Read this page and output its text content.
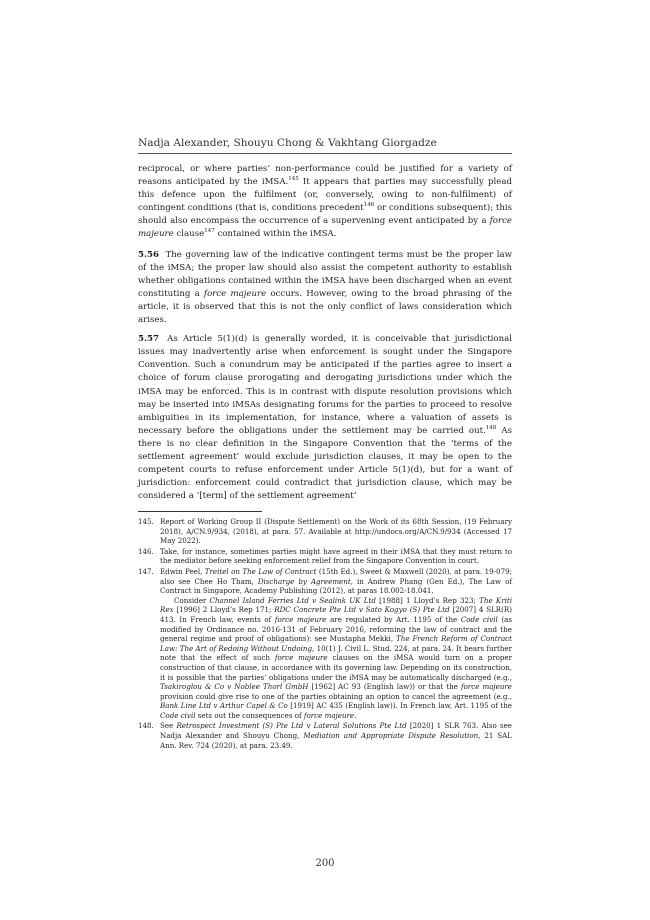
Nadja Alexander, Shouyu Chong & Vakhtang Giorgadze

reciprocal, or where parties’ non-performance could be justified for a variety of reasons anticipated by the iMSA.$^{145}$ It appears that parties may successfully plead this defence upon the fulfilment (or, conversely, owing to non-fulfilment) of contingent conditions (that is, conditions precedent$^{146}$ or conditions subsequent); this should also encompass the occurrence of a supervening event anticipated by a force majeure clause$^{147}$ contained within the iMSA.

5.56 The governing law of the indicative contingent terms must be the proper law of the iMSA; the proper law should also assist the competent authority to establish whether obligations contained within the iMSA have been discharged when an event constituting a force majeure occurs. However, owing to the broad phrasing of the article, it is observed that this is not the only conflict of laws consideration which arises.

5.57 As Article 5(1)(d) is generally worded, it is conceivable that jurisdictional issues may inadvertently arise when enforcement is sought under the Singapore Convention. Such a conundrum may be anticipated if the parties agree to insert a choice of forum clause prorogating and derogating jurisdictions under which the iMSA may be enforced. This is in contrast with dispute resolution provisions which may be inserted into iMSAs designating forums for the parties to proceed to resolve ambiguities in its implementation, for instance, where a valuation of assets is necessary before the obligations under the settlement may be carried out.$^{148}$ As there is no clear definition in the Singapore Convention that the ‘terms of the settlement agreement’ would exclude jurisdiction clauses, it may be open to the competent courts to refuse enforcement under Article 5(1)(d), but for a want of jurisdiction: enforcement could contradict that jurisdiction clause, which may be considered a ‘[term] of the settlement agreement’

145. Report of Working Group II (Dispute Settlement) on the Work of its 68th Session, (19 February 2018), A/CN.9/934, (2018), at para. 57. Available at http://undocs.org/A/CN.9/934 (Accessed 17 May 2022).

146. Take, for instance, sometimes parties might have agreed in their iMSA that they must return to the mediator before seeking enforcement relief from the Singapore Convention in court.

147. Edwin Peel, Treitel on The Law of Contract (15th Ed.), Sweet & Maxwell (2020), at para. 19-079; also see Chee Ho Tham, Discharge by Agreement, in Andrew Phang (Gen Ed.), The Law of Contract in Singapore, Academy Publishing (2012), at paras 18.002-18.041.

Consider Channel Island Ferries Ltd v Sealink UK Ltd [1988] 1 Lloyd’s Rep 323; The Kriti Rex [1996] 2 Lloyd’s Rep 171; RDC Concrete Pte Ltd v Sato Kogyo (S) Pte Ltd [2007] 4 SLR(R) 413. In French law, events of force majeure are regulated by Art. 1195 of the Code civil (as modified by Ordinance no. 2016-131 of February 2016, reforming the law of contract and the general regime and proof of obligations): see Mustapha Mekki, The French Reform of Contract Law: The Art of Redoing Without Undoing, 10(1) J. Civil L. Stud. 224, at para. 24. It bears further note that the effect of such force majeure clauses on the iMSA would turn on a proper construction of that clause, in accordance with its governing law. Depending on its construction, it is possible that the parties’ obligations under the iMSA may be automatically discharged (e.g., Tsakiroglou & Co v Noblee Thorl GmbH [1962] AC 93 (English law)) or that the force majeure provision could give rise to one of the parties obtaining an option to cancel the agreement (e.g., Bank Line Ltd v Arthur Capel & Co [1919] AC 435 (English law)). In French law, Art. 1195 of the Code civil sets out the consequences of force majeure.

148. See Retrospect Investment (S) Pte Ltd v Lateral Solutions Pte Ltd [2020] 1 SLR 763. Also see Nadja Alexander and Shouyu Chong, Mediation and Appropriate Dispute Resolution, 21 SAL Ann. Rev. 724 (2020), at para. 23.49.

200
